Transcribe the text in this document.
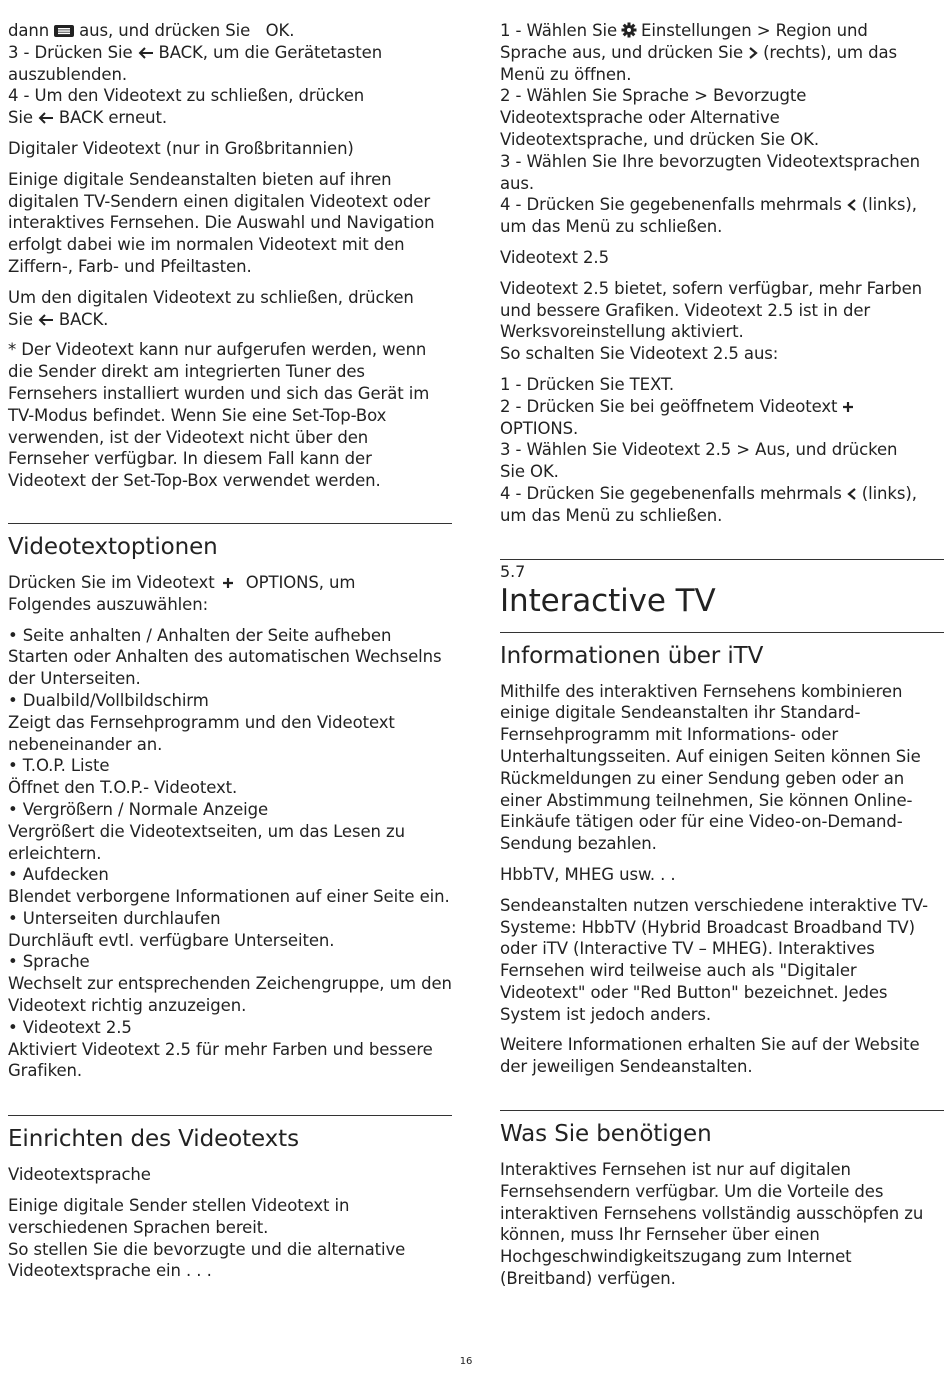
dann aus, und drücken Sie OK.
3 - Drücken Sie BACK, um die Gerätetasten
auszublenden.
4 - Um den Videotext zu schließen, drücken
Sie BACK erneut.

Digitaler Videotext (nur in Großbritannien)

Einige digitale Sendeanstalten bieten auf ihren digitalen TV-Sendern einen digitalen Videotext oder interaktives Fernsehen. Die Auswahl und Navigation erfolgt dabei wie im normalen Videotext mit den Ziffern-, Farb- und Pfeiltasten.

Um den digitalen Videotext zu schließen, drücken
Sie BACK.

* Der Videotext kann nur aufgerufen werden, wenn die Sender direkt am integrierten Tuner des Fernsehers installiert wurden und sich das Gerät im TV-Modus befindet. Wenn Sie eine Set-Top-Box verwenden, ist der Videotext nicht über den Fernseher verfügbar. In diesem Fall kann der Videotext der Set-Top-Box verwendet werden.

Videotextoptionen
Drücken Sie im Videotext OPTIONS, um
Folgendes auszuwählen:
• Seite anhalten / Anhalten der Seite aufheben
Starten oder Anhalten des automatischen Wechselns der Unterseiten.
• Dualbild/Vollbildschirm
Zeigt das Fernsehprogramm und den Videotext nebeneinander an.
• T.O.P. Liste
Öffnet den T.O.P.- Videotext.
• Vergrößern / Normale Anzeige
Vergrößert die Videotextseiten, um das Lesen zu erleichtern.
• Aufdecken
Blendet verborgene Informationen auf einer Seite ein.
• Unterseiten durchlaufen
Durchläuft evtl. verfügbare Unterseiten.
• Sprache
Wechselt zur entsprechenden Zeichengruppe, um den Videotext richtig anzuzeigen.
• Videotext 2.5
Aktiviert Videotext 2.5 für mehr Farben und bessere Grafiken.
Einrichten des Videotexts

Videotextsprache

Einige digitale Sender stellen Videotext in verschiedenen Sprachen bereit.
So stellen Sie die bevorzugte und die alternative Videotextsprache ein . . .
1 - Wählen Sie Einstellungen > Region und
Sprache aus, und drücken Sie (rechts), um das
Menü zu öffnen.
2 - Wählen Sie Sprache > Bevorzugte
Videotextsprache oder Alternative
Videotextsprache, und drücken Sie OK.
3 - Wählen Sie Ihre bevorzugten Videotextsprachen aus.
4 - Drücken Sie gegebenenfalls mehrmals (links),
um das Menü zu schließen.

Videotext 2.5

Videotext 2.5 bietet, sofern verfügbar, mehr Farben und bessere Grafiken. Videotext 2.5 ist in der Werksvoreinstellung aktiviert.
So schalten Sie Videotext 2.5 aus:
1 - Drücken Sie TEXT.
2 - Drücken Sie bei geöffnetem Videotext
OPTIONS.
3 - Wählen Sie Videotext 2.5 > Aus, und drücken
Sie OK.
4 - Drücken Sie gegebenenfalls mehrmals (links),
um das Menü zu schließen.
5.7
Interactive TV
Informationen über iTV

Mithilfe des interaktiven Fernsehens kombinieren einige digitale Sendeanstalten ihr Standard-Fernsehprogramm mit Informations- oder Unterhaltungsseiten. Auf einigen Seiten können Sie Rückmeldungen zu einer Sendung geben oder an einer Abstimmung teilnehmen, Sie können Online-Einkäufe tätigen oder für eine Video-on-Demand-Sendung bezahlen.

HbbTV, MHEG usw. . .

Sendeanstalten nutzen verschiedene interaktive TV-Systeme: HbbTV (Hybrid Broadcast Broadband TV) oder iTV (Interactive TV – MHEG). Interaktives Fernsehen wird teilweise auch als "Digitaler Videotext" oder "Red Button" bezeichnet. Jedes System ist jedoch anders.

Weitere Informationen erhalten Sie auf der Website der jeweiligen Sendeanstalten.

Was Sie benötigen

Interaktives Fernsehen ist nur auf digitalen Fernsehsendern verfügbar. Um die Vorteile des interaktiven Fernsehens vollständig ausschöpfen zu können, muss Ihr Fernseher über einen Hochgeschwindigkeitszugang zum Internet (Breitband) verfügen.

16
